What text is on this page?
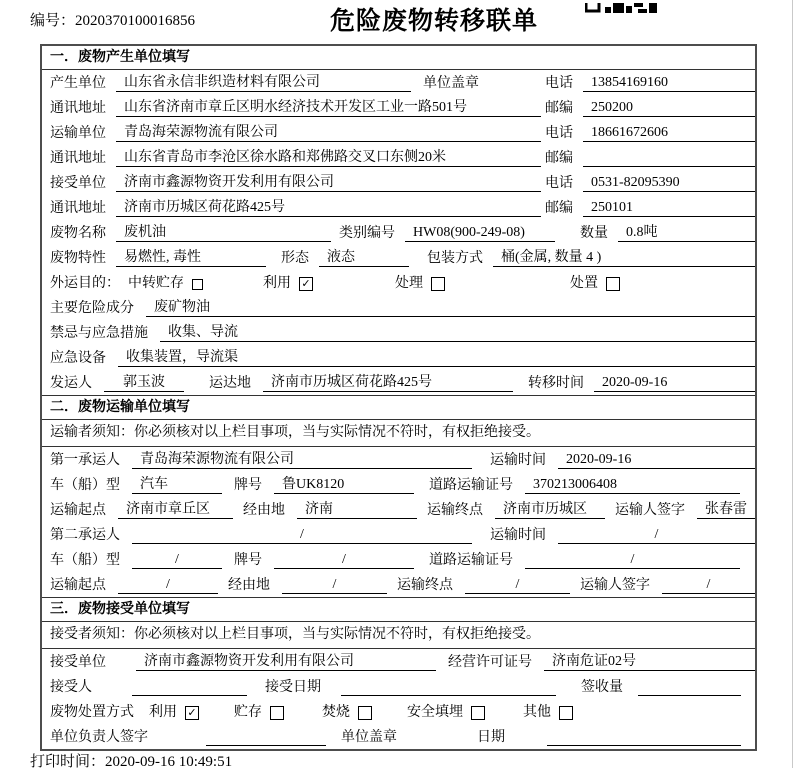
编号：2020370100016856	危险废物转移联单
一．废物产生单位填写
产生单位	山东省永信非织造材料有限公司	单位盖章	电话	13854169160
通讯地址	山东省济南市章丘区明水经济技术开发区工业一路501号	邮编	250200
运输单位	青岛海荣源物流有限公司	电话	18661672606
通讯地址	山东省青岛市李沧区徐水路和郑佛路交叉口东侧20米	邮编
接受单位	济南市鑫源物资开发利用有限公司	电话	0531-82095390
通讯地址	济南市历城区荷花路425号	邮编	250101
废物名称	废机油	类别编号	HW08(900-249-08)	数量	0.8吨
废物特性	易燃性, 毒性	形态	液态	包装方式	桶(金属, 数量 4 )
外运目的： 中转贮存	利用 ✓	处理	处置
主要危险成分	废矿物油
禁忌与应急措施	收集、导流
应急设备	收集装置，导流渠
发运人	郭玉波	运达地	济南市历城区荷花路425号	转移时间	2020-09-16
二．废物运输单位填写
运输者须知：你必须核对以上栏目事项，当与实际情况不符时，有权拒绝接受。
第一承运人	青岛海荣源物流有限公司	运输时间	2020-09-16
车（船）型	汽车	牌号	鲁UK8120	道路运输证号	370213006408
运输起点	济南市章丘区	经由地	济南	运输终点	济南市历城区	运输人签字	张春雷
第二承运人	/	运输时间	/
车（船）型	/	牌号	/	道路运输证号	/
运输起点	/	经由地	/	运输终点	/	运输人签字	/
三．废物接受单位填写
接受者须知：你必须核对以上栏目事项，当与实际情况不符时，有权拒绝接受。
接受单位	济南市鑫源物资开发利用有限公司	经营许可证号	济南危证02号
接受人	接受日期	签收量
废物处置方式 利用 ✓	贮存	焚烧	安全填埋	其他
单位负责人签字	单位盖章	日期
打印时间：2020-09-16 10:49:51
